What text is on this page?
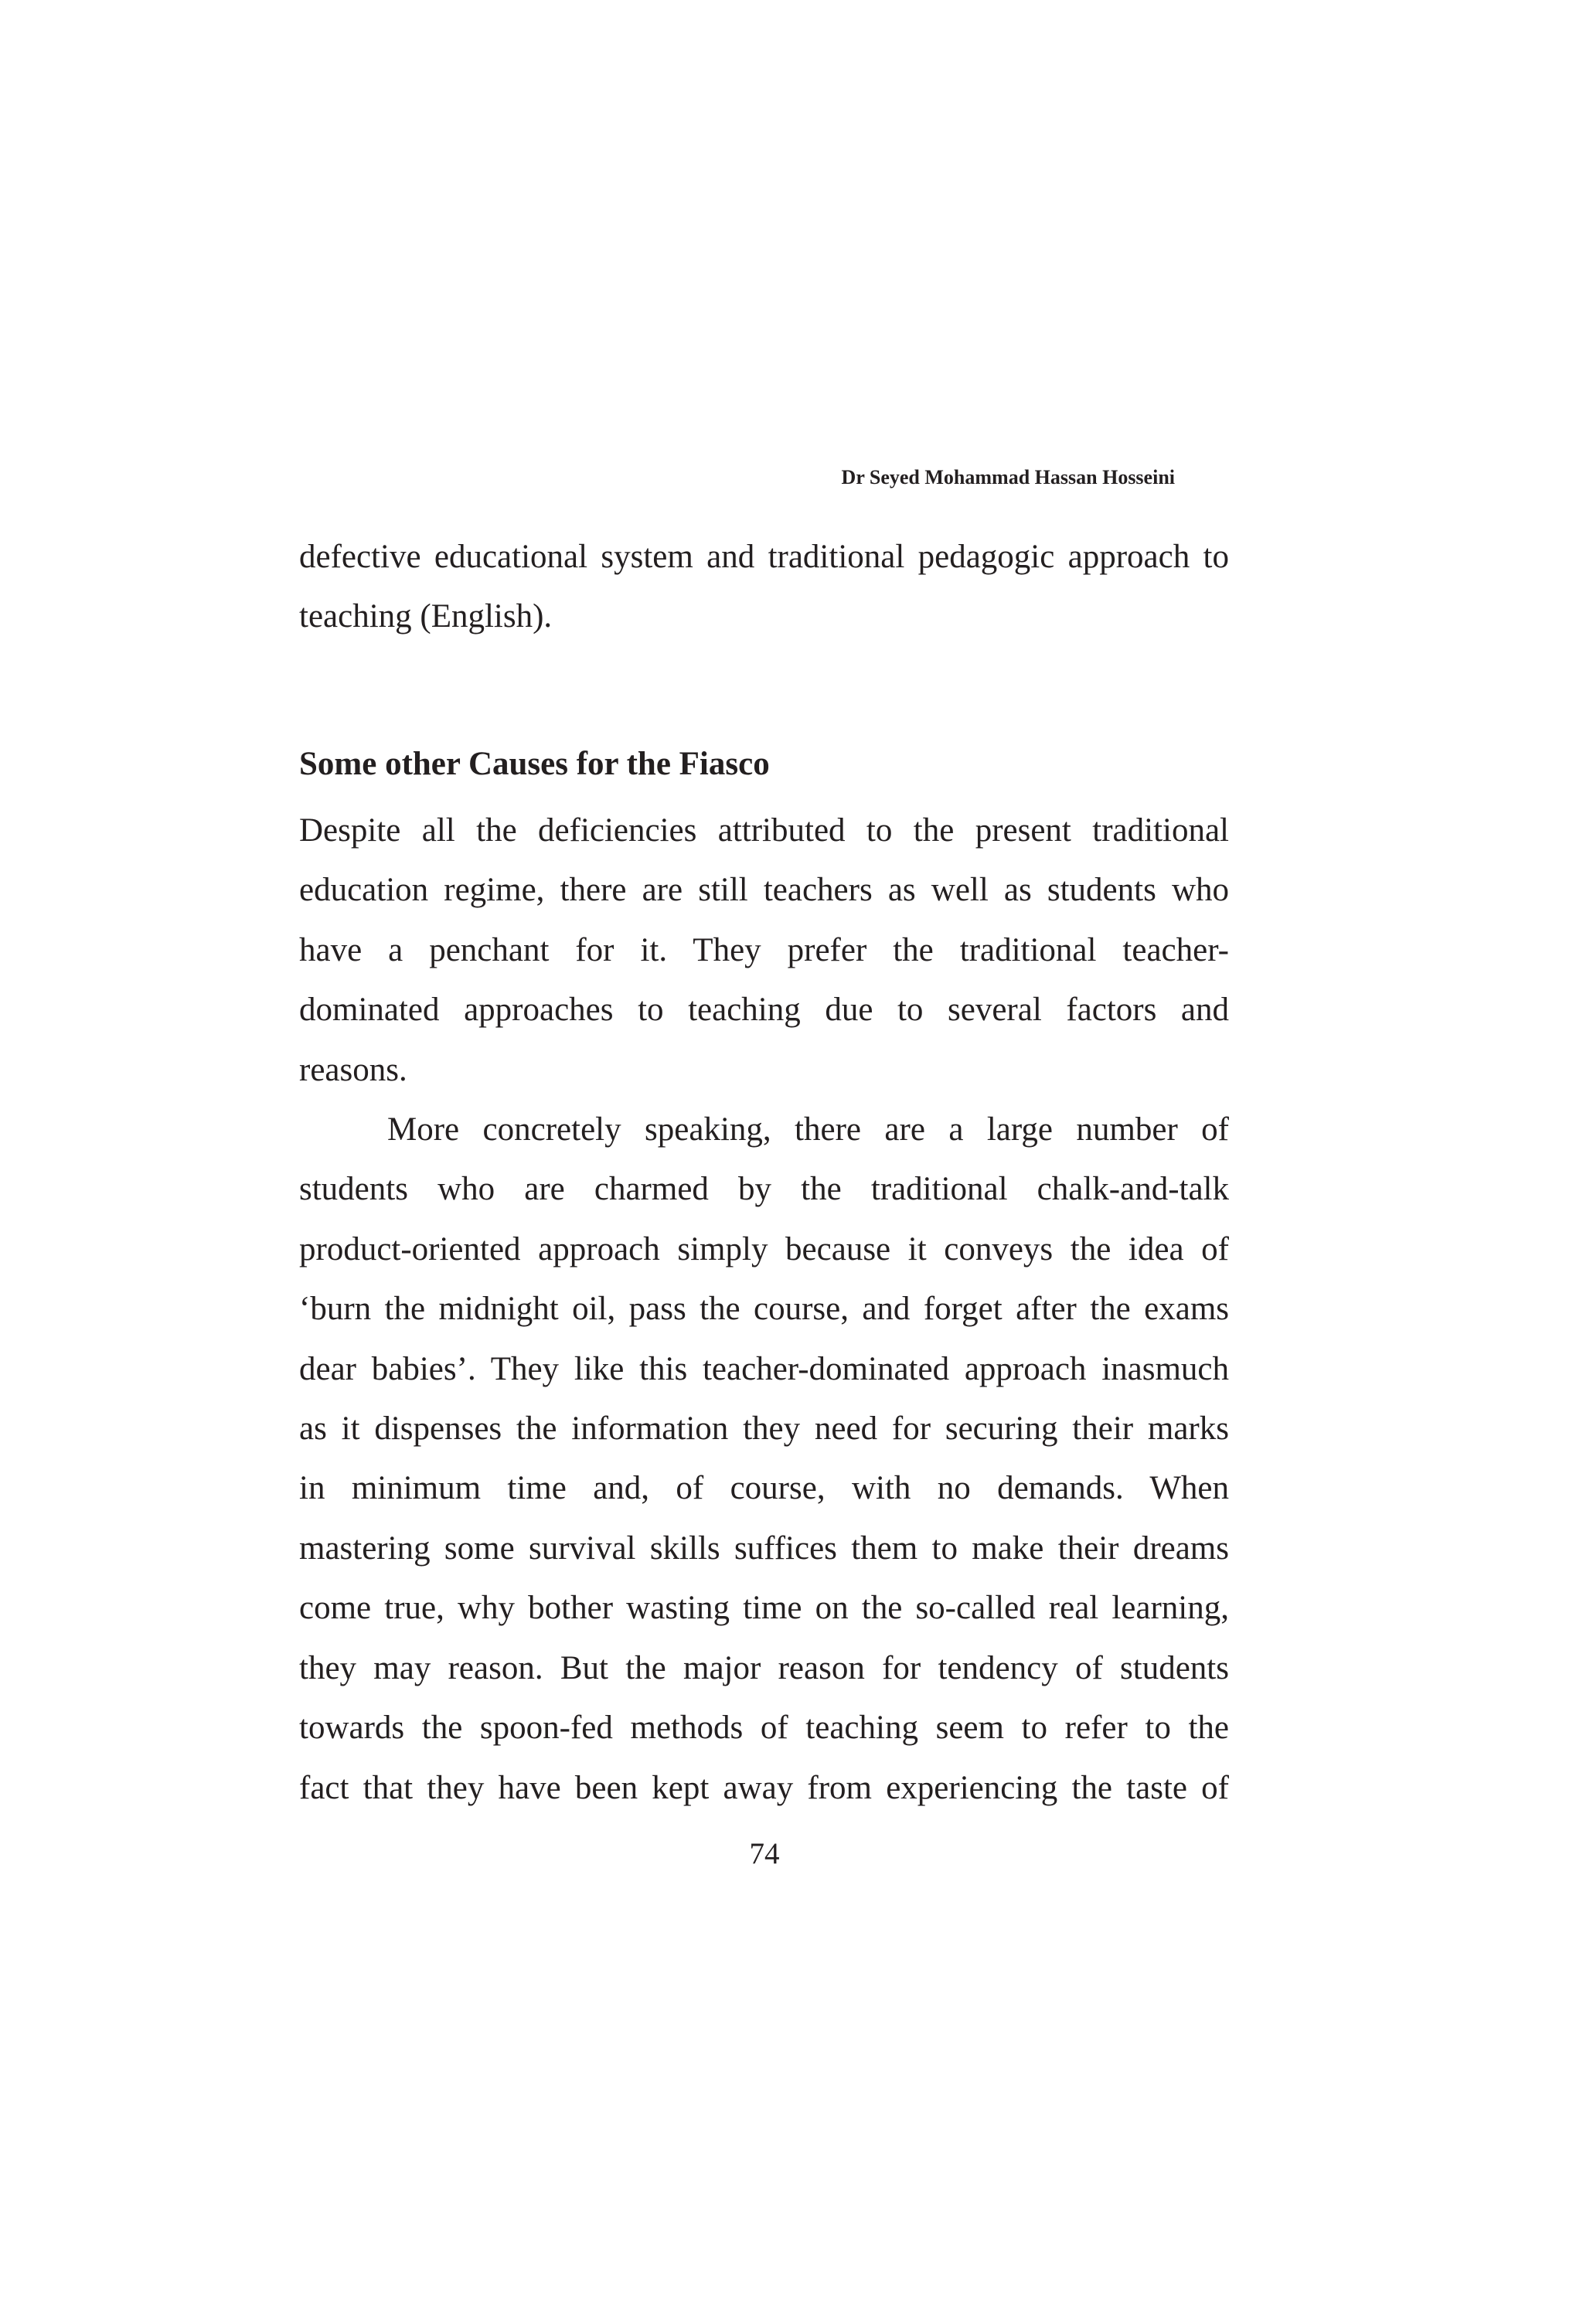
Dr Seyed Mohammad Hassan Hosseini
defective educational system and traditional pedagogic approach to
teaching (English).
Some other Causes for the Fiasco
Despite all the deficiencies attributed to the present traditional
education regime, there are still teachers as well as students who
have a penchant for it. They prefer the traditional teacher-
dominated approaches to teaching due to several factors and
reasons.
More concretely speaking, there are a large number of
students who are charmed by the traditional chalk-and-talk
product-oriented approach simply because it conveys the idea of
‘burn the midnight oil, pass the course, and forget after the exams
dear babies’. They like this teacher-dominated approach inasmuch
as it dispenses the information they need for securing their marks
in minimum time and, of course, with no demands. When
mastering some survival skills suffices them to make their dreams
come true, why bother wasting time on the so-called real learning,
they may reason. But the major reason for tendency of students
towards the spoon-fed methods of teaching seem to refer to the
fact that they have been kept away from experiencing the taste of
74
